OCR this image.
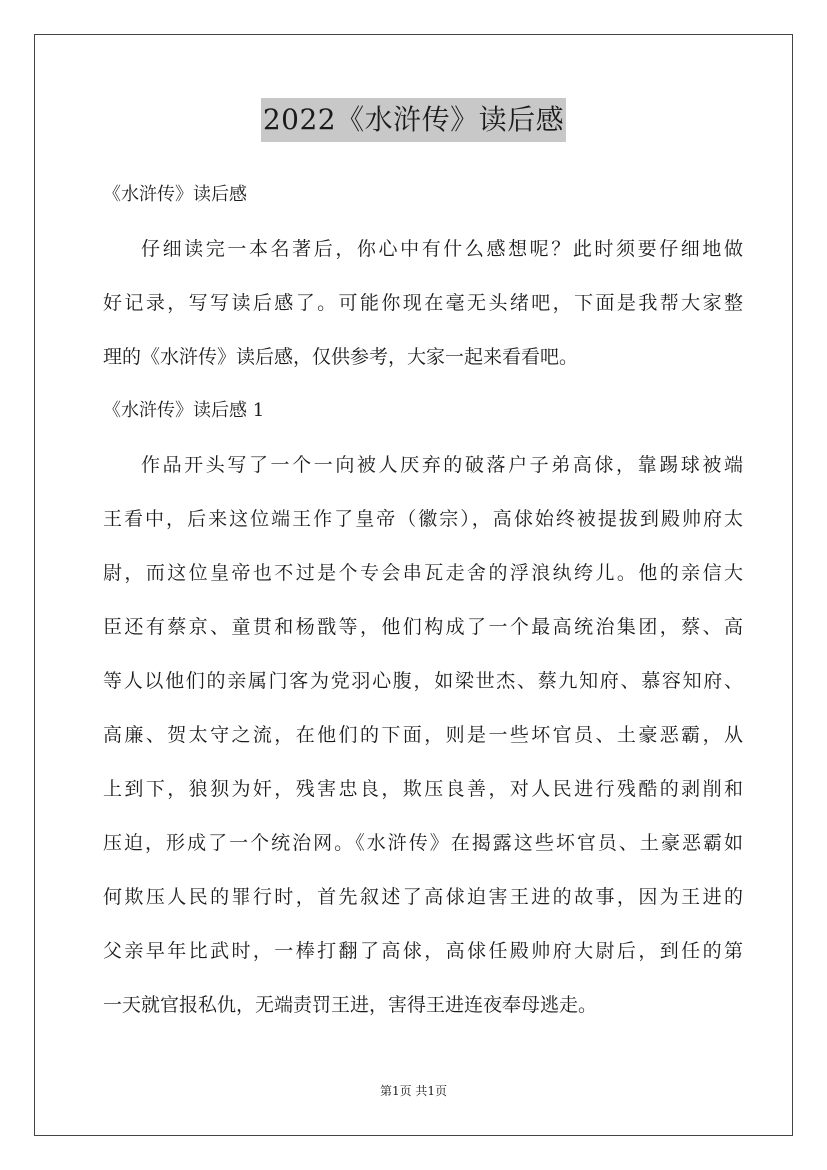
2022《水浒传》读后感
《水浒传》读后感
仔细读完一本名著后，你心中有什么感想呢？此时须要仔细地做
好记录，写写读后感了。可能你现在毫无头绪吧，下面是我帮大家整
理的《水浒传》读后感，仅供参考，大家一起来看看吧。
《水浒传》读后感 1
作品开头写了一个一向被人厌弃的破落户子弟高俅，靠踢球被端
王看中，后来这位端王作了皇帝（徽宗），高俅始终被提拔到殿帅府太
尉，而这位皇帝也不过是个专会串瓦走舍的浮浪纨绔儿。他的亲信大
臣还有蔡京、童贯和杨戬等，他们构成了一个最高统治集团，蔡、高
等人以他们的亲属门客为党羽心腹，如梁世杰、蔡九知府、慕容知府、
高廉、贺太守之流，在他们的下面，则是一些坏官员、土豪恶霸，从
上到下，狼狈为奸，残害忠良，欺压良善，对人民进行残酷的剥削和
压迫，形成了一个统治网。《水浒传》在揭露这些坏官员、土豪恶霸如
何欺压人民的罪行时，首先叙述了高俅迫害王进的故事，因为王进的
父亲早年比武时，一棒打翻了高俅，高俅任殿帅府大尉后，到任的第
一天就官报私仇，无端责罚王进，害得王进连夜奉母逃走。
第1页 共1页
